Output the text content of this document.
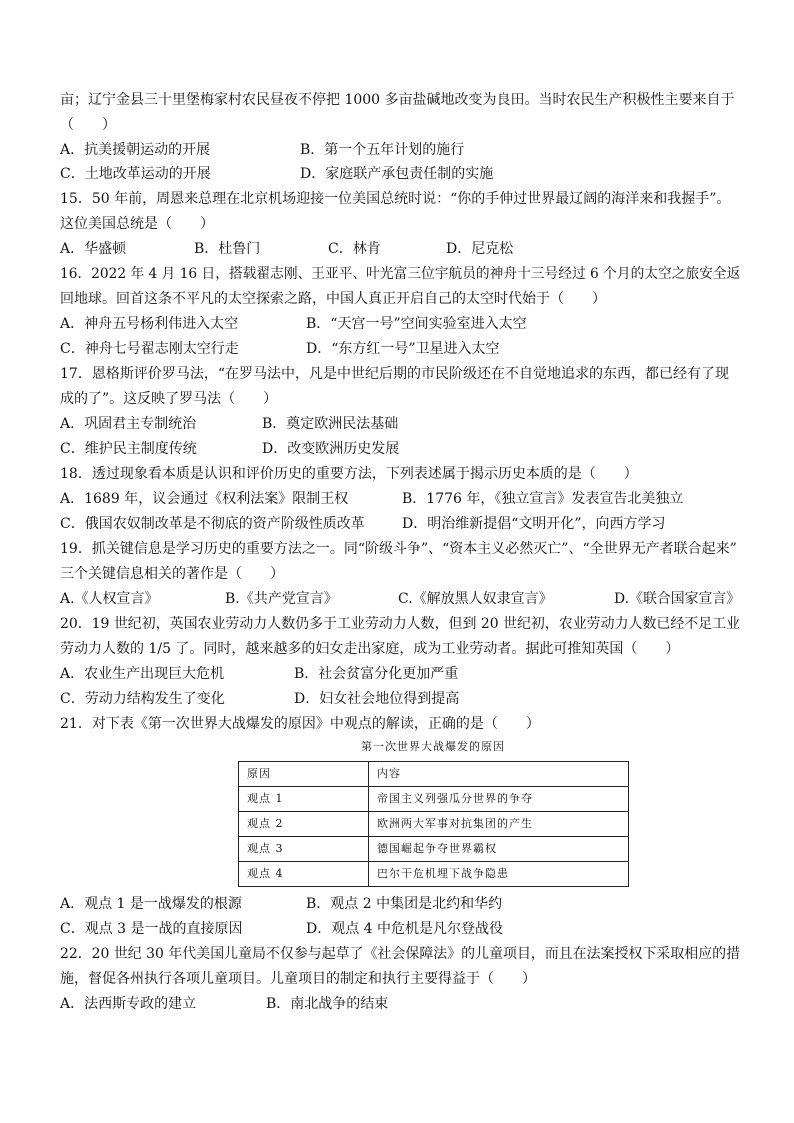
亩；辽宁金县三十里堡梅家村农民昼夜不停把 1000 多亩盐碱地改变为良田。当时农民生产积极性主要来自于
（　　）
A．抗美援朝运动的开展	B．第一个五年计划的施行
C．土地改革运动的开展	D．家庭联产承包责任制的实施
15．50 年前，周恩来总理在北京机场迎接一位美国总统时说：“你的手伸过世界最辽阔的海洋来和我握手”。
这位美国总统是（　　）
A．华盛顿	B．杜鲁门	C．林肯	D．尼克松
16．2022 年 4 月 16 日，搭载翟志刚、王亚平、叶光富三位宇航员的神舟十三号经过 6 个月的太空之旅安全返
回地球。回首这条不平凡的太空探索之路，中国人真正开启自己的太空时代始于（　　）
A．神舟五号杨利伟进入太空	B．“天宫一号”空间实验室进入太空
C．神舟七号翟志刚太空行走	D．“东方红一号”卫星进入太空
17．恩格斯评价罗马法，“在罗马法中，凡是中世纪后期的市民阶级还在不自觉地追求的东西，都已经有了现
成的了”。这反映了罗马法（　　）
A．巩固君主专制统治	B．奠定欧洲民法基础
C．维护民主制度传统	D．改变欧洲历史发展
18．透过现象看本质是认识和评价历史的重要方法，下列表述属于揭示历史本质的是（　　）
A．1689 年，议会通过《权利法案》限制王权	B．1776 年，《独立宣言》发表宣告北美独立
C．俄国农奴制改革是不彻底的资产阶级性质改革	D．明治维新提倡“文明开化”，向西方学习
19．抓关键信息是学习历史的重要方法之一。同“阶级斗争”、“资本主义必然灭亡”、“全世界无产者联合起来”
三个关键信息相关的著作是（　　）
A.《人权宣言》	B.《共产党宣言》	C.《解放黑人奴隶宣言》	D.《联合国家宣言》
20．19 世纪初，英国农业劳动力人数仍多于工业劳动力人数，但到 20 世纪初，农业劳动力人数已经不足工业
劳动力人数的 1/5 了。同时，越来越多的妇女走出家庭，成为工业劳动者。据此可推知英国（　　）
A．农业生产出现巨大危机	B．社会贫富分化更加严重
C．劳动力结构发生了变化	D．妇女社会地位得到提高
21．对下表《第一次世界大战爆发的原因》中观点的解读，正确的是（　　）
第一次世界大战爆发的原因
原因	内容
观点 1	帝国主义列强瓜分世界的争夺
观点 2	欧洲两大军事对抗集团的产生
观点 3	德国崛起争夺世界霸权
观点 4	巴尔干危机埋下战争隐患
A．观点 1 是一战爆发的根源	B．观点 2 中集团是北约和华约
C．观点 3 是一战的直接原因	D．观点 4 中危机是凡尔登战役
22．20 世纪 30 年代美国儿童局不仅参与起草了《社会保障法》的儿童项目，而且在法案授权下采取相应的措
施，督促各州执行各项儿童项目。儿童项目的制定和执行主要得益于（　　）
A．法西斯专政的建立	B．南北战争的结束
